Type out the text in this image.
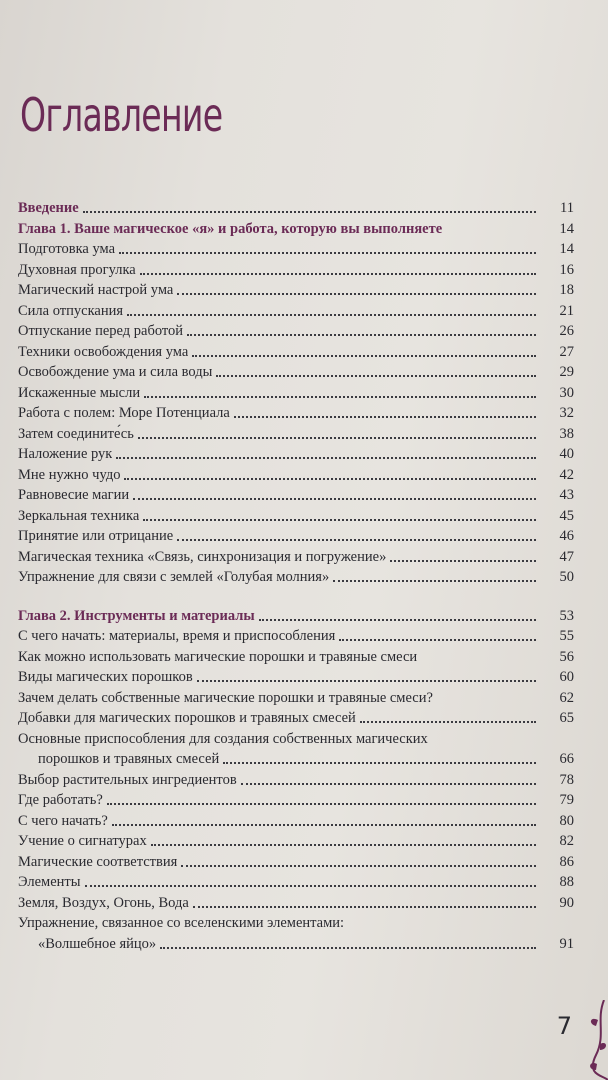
Оглавление
Введение	11
Глава 1. Ваше магическое «я» и работа, которую вы выполняете	14
Подготовка ума	14
Духовная прогулка	16
Магический настрой ума	18
Сила отпускания	21
Отпускание перед работой	26
Техники освобождения ума	27
Освобождение ума и сила воды	29
Искаженные мысли	30
Работа с полем: Море Потенциала	32
Затем соедините́сь	38
Наложение рук	40
Мне нужно чудо	42
Равновесие магии	43
Зеркальная техника	45
Принятие или отрицание	46
Магическая техника «Связь, синхронизация и погружение»	47
Упражнение для связи с землей «Голубая молния»	50
Глава 2. Инструменты и материалы	53
С чего начать: материалы, время и приспособления	55
Как можно использовать магические порошки и травяные смеси	56
Виды магических порошков	60
Зачем делать собственные магические порошки и травяные смеси?	62
Добавки для магических порошков и травяных смесей	65
Основные приспособления для создания собственных магических
порошков и травяных смесей	66
Выбор растительных ингредиентов	78
Где работать?	79
С чего начать?	80
Учение о сигнатурах	82
Магические соответствия	86
Элементы	88
Земля, Воздух, Огонь, Вода	90
Упражнение, связанное со вселенскими элементами:
«Волшебное яйцо»	91
7
